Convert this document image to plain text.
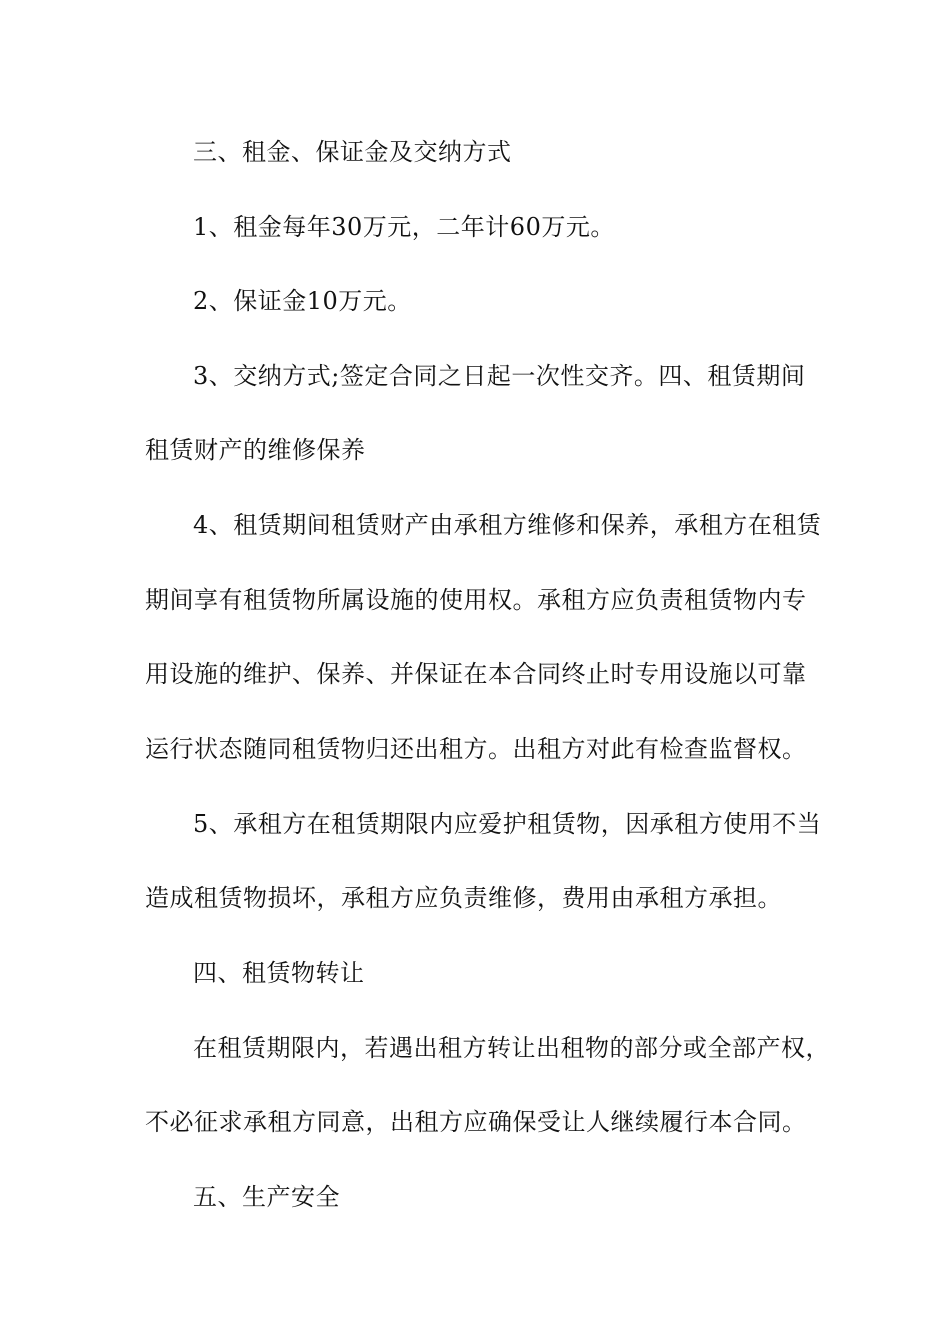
三、租金、保证金及交纳方式
1、租金每年30万元，二年计60万元。
2、保证金10万元。
3、交纳方式;签定合同之日起一次性交齐。四、租赁期间
租赁财产的维修保养
4、租赁期间租赁财产由承租方维修和保养，承租方在租赁
期间享有租赁物所属设施的使用权。承租方应负责租赁物内专
用设施的维护、保养、并保证在本合同终止时专用设施以可靠
运行状态随同租赁物归还出租方。出租方对此有检查监督权。
5、承租方在租赁期限内应爱护租赁物，因承租方使用不当
造成租赁物损坏，承租方应负责维修，费用由承租方承担。
四、租赁物转让
在租赁期限内，若遇出租方转让出租物的部分或全部产权，
不必征求承租方同意，出租方应确保受让人继续履行本合同。
五、生产安全
